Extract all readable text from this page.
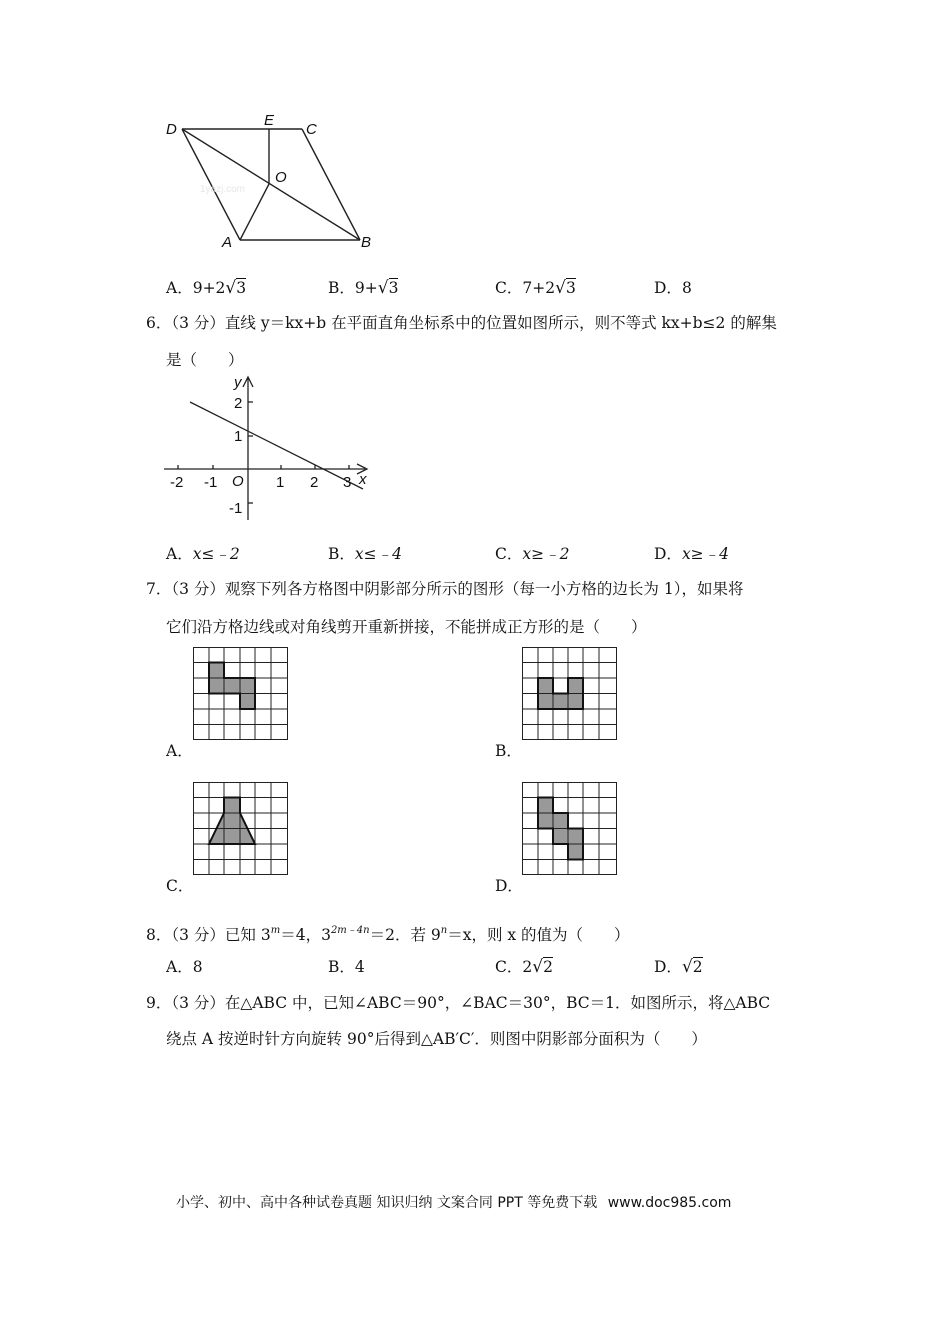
1yazj.com
D
E
C
O
A	B
A．9+2√3	B．9+√3	C．7+2√3	D．8
6．（3 分）直线 y＝kx+b 在平面直角坐标系中的位置如图所示，则不等式 kx+b≤2 的解集
是（　　）
y
x
O
-2 -1	1 2 3
2
1
-1
A．x≤﹣2	B．x≤﹣4	C．x≥﹣2	D．x≥﹣4
7．（3 分）观察下列各方格图中阴影部分所示的图形（每一小方格的边长为 1），如果将
它们沿方格边线或对角线剪开重新拼接，不能拼成正方形的是（　　）
A．	B．
C．	D．
8．（3 分）已知 $3^m=4$，$3^{2m﹣4n}=2$．若 $9^n=x$，则 x 的值为（　　）
A．8	B．4	C．2√2	D．√2
9．（3 分）在△ABC 中，已知∠ABC＝90°，∠BAC＝30°，BC＝1．如图所示，将△ABC
绕点 A 按逆时针方向旋转 90°后得到△AB′C′．则图中阴影部分面积为（　　）
小学、初中、高中各种试卷真题 知识归纳 文案合同 PPT 等免费下载 www.doc985.com
